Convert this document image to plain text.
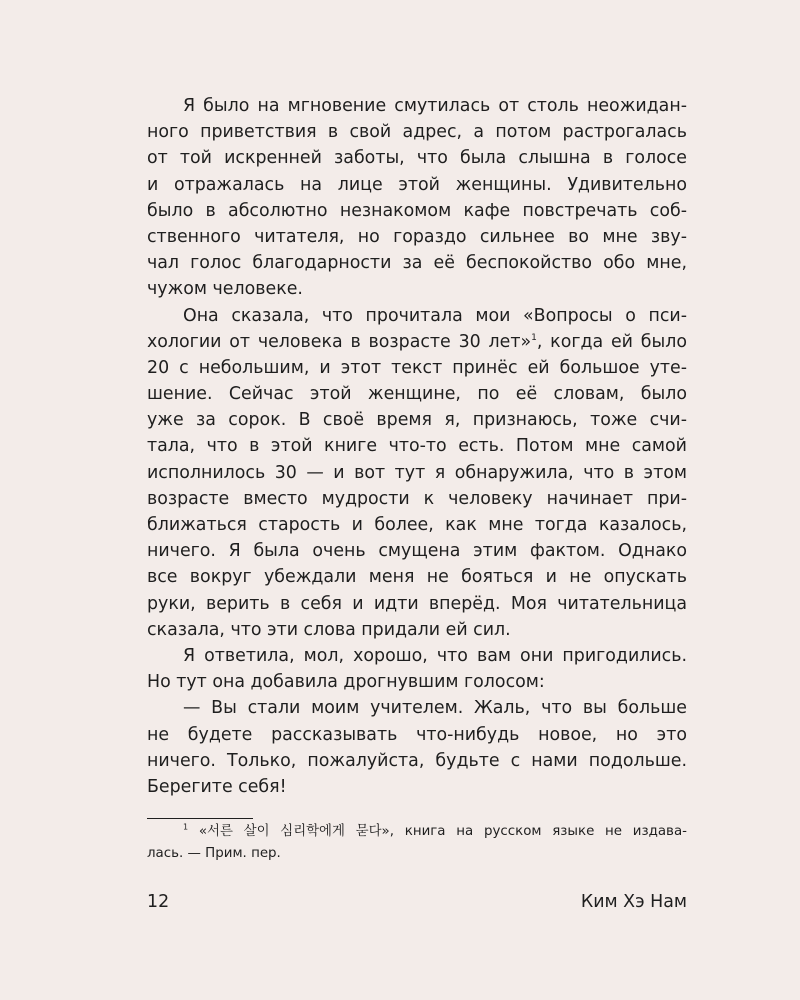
Я было на мгновение смутилась от столь неожидан-
ного приветствия в свой адрес, а потом растрогалась
от той искренней заботы, что была слышна в голосе
и отражалась на лице этой женщины. Удивительно
было в абсолютно незнакомом кафе повстречать соб-
ственного читателя, но гораздо сильнее во мне зву-
чал голос благодарности за её беспокойство обо мне,
чужом человеке.
Она сказала, что прочитала мои «Вопросы о пси-
хологии от человека в возрасте 30 лет»$^1$, когда ей было
20 с небольшим, и этот текст принёс ей большое уте-
шение. Сейчас этой женщине, по её словам, было
уже за сорок. В своё время я, признаюсь, тоже счи-
тала, что в этой книге что-то есть. Потом мне самой
исполнилось 30 — и вот тут я обнаружила, что в этом
возрасте вместо мудрости к человеку начинает при-
ближаться старость и более, как мне тогда казалось,
ничего. Я была очень смущена этим фактом. Однако
все вокруг убеждали меня не бояться и не опускать
руки, верить в себя и идти вперёд. Моя читательница
сказала, что эти слова придали ей сил.
Я ответила, мол, хорошо, что вам они пригодились.
Но тут она добавила дрогнувшим голосом:
— Вы стали моим учителем. Жаль, что вы больше
не будете рассказывать что-нибудь новое, но это
ничего. Только, пожалуйста, будьте с нами подольше.
Берегите себя!
$^1$ «서른 살이 심리학에게 묻다», книга на русском языке не издава-
лась. — Прим. пер.
12	Ким Хэ Нам
